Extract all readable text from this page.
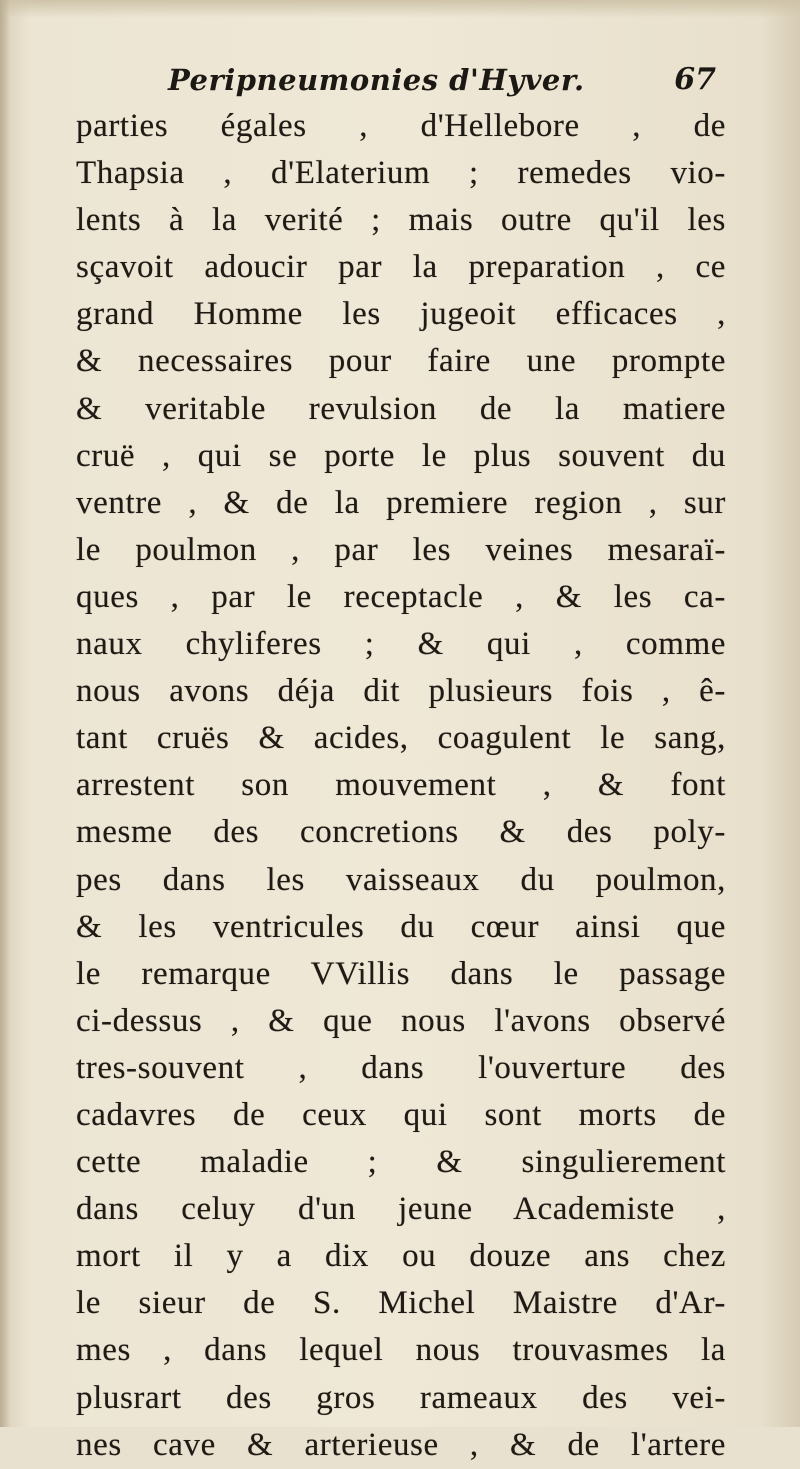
Peripneumonies d'Hyver.	67
parties égales , d'Hellebore , de
Thapsia , d'Elaterium ; remedes vio-
lents à la verité ; mais outre qu'il les
sçavoit adoucir par la preparation , ce
grand Homme les jugeoit efficaces ,
& necessaires pour faire une prompte
& veritable revulsion de la matiere
cruë , qui se porte le plus souvent du
ventre , & de la premiere region , sur
le poulmon , par les veines mesaraï-
ques , par le receptacle , & les ca-
naux chyliferes ; & qui , comme
nous avons déja dit plusieurs fois , ê-
tant cruës & acides, coagulent le sang,
arrestent son mouvement , & font
mesme des concretions & des poly-
pes dans les vaisseaux du poulmon,
& les ventricules du cœur ainsi que
le remarque VVillis dans le passage
ci-dessus , & que nous l'avons observé
tres-souvent , dans l'ouverture des
cadavres de ceux qui sont morts de
cette maladie ; & singulierement
dans celuy d'un jeune Academiste ,
mort il y a dix ou douze ans chez
le sieur de S. Michel Maistre d'Ar-
mes , dans lequel nous trouvasmes la
plusrart des gros rameaux des vei-
nes cave & arterieuse , & de l'artere
